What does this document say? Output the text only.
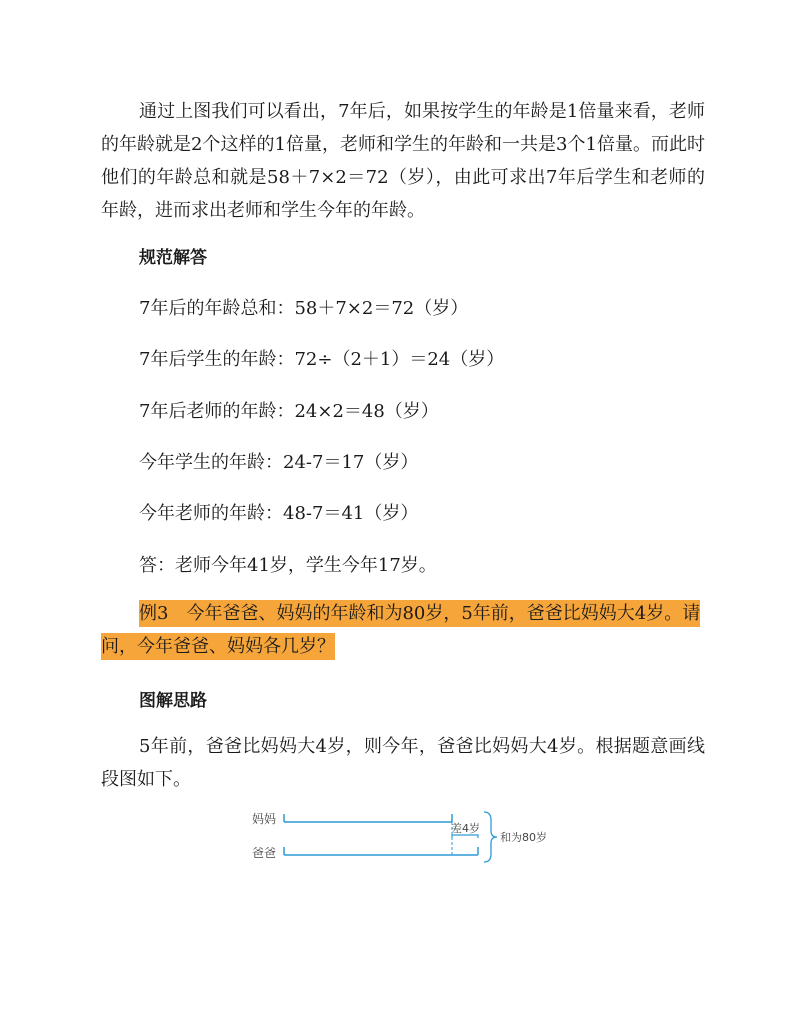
通过上图我们可以看出，7年后，如果按学生的年龄是1倍量来看，老师的年龄就是2个这样的1倍量，老师和学生的年龄和一共是3个1倍量。而此时他们的年龄总和就是58＋7×2＝72（岁），由此可求出7年后学生和老师的年龄，进而求出老师和学生今年的年龄。

规范解答

7年后的年龄总和：58＋7×2＝72（岁）

7年后学生的年龄：72÷（2＋1）＝24（岁）

7年后老师的年龄：24×2＝48（岁）

今年学生的年龄：24-7＝17（岁）

今年老师的年龄：48-7＝41（岁）

答：老师今年41岁，学生今年17岁。

例3　今年爸爸、妈妈的年龄和为80岁，5年前，爸爸比妈妈大4岁。请问，今年爸爸、妈妈各几岁？

图解思路

5年前，爸爸比妈妈大4岁，则今年，爸爸比妈妈大4岁。根据题意画线段图如下。

妈妈
爸爸
差4岁
和为80岁
